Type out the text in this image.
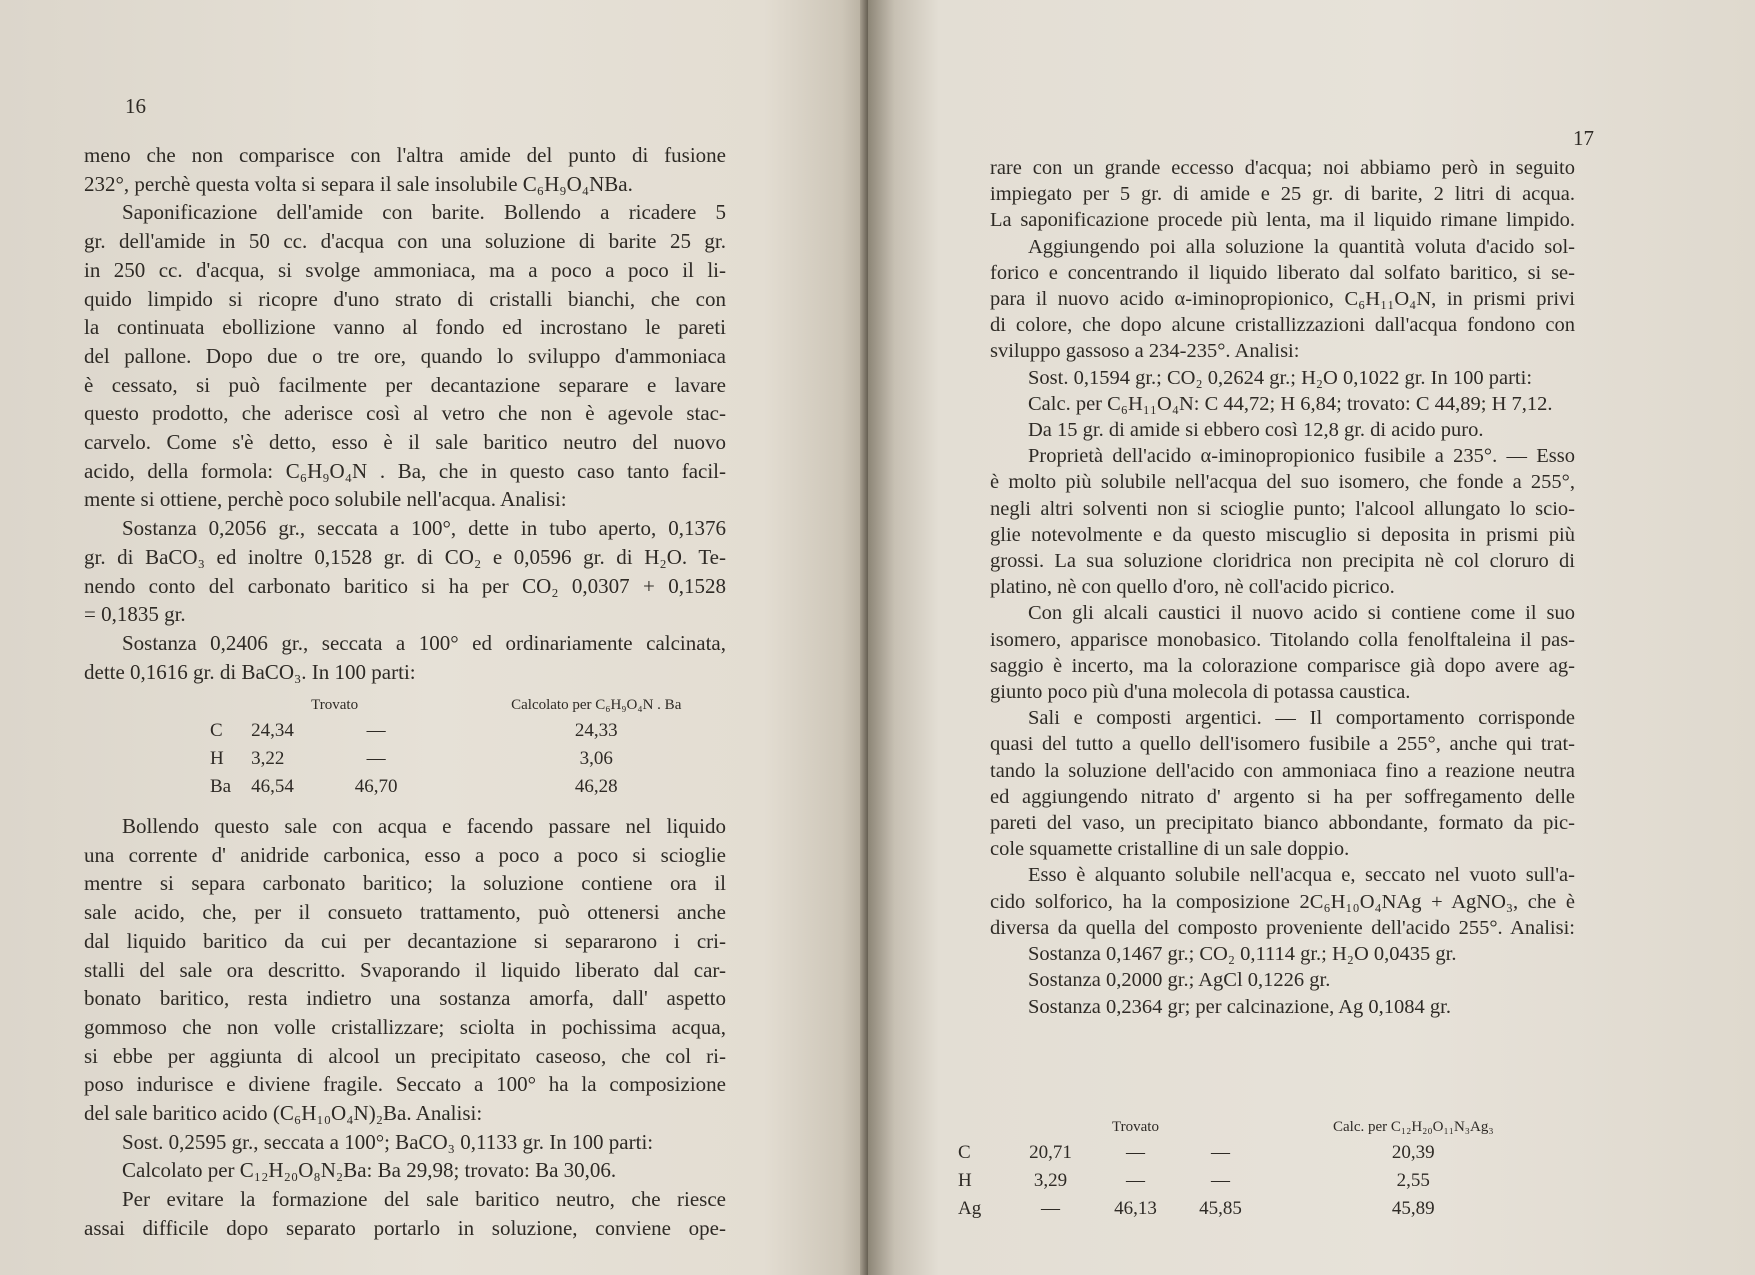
16
meno che non comparisce con l'altra amide del punto di fusione
232°, perchè questa volta si separa il sale insolubile C₆H₉O₄NBa.
Saponificazione dell'amide con barite. Bollendo a ricadere 5
gr. dell'amide in 50 cc. d'acqua con una soluzione di barite 25 gr.
in 250 cc. d'acqua, si svolge ammoniaca, ma a poco a poco il li-
quido limpido si ricopre d'uno strato di cristalli bianchi, che con
la continuata ebollizione vanno al fondo ed incrostano le pareti
del pallone. Dopo due o tre ore, quando lo sviluppo d'ammoniaca
è cessato, si può facilmente per decantazione separare e lavare
questo prodotto, che aderisce così al vetro che non è agevole stac-
carvelo. Come s'è detto, esso è il sale baritico neutro del nuovo
acido, della formola: C₆H₉O₄N . Ba, che in questo caso tanto facil-
mente si ottiene, perchè poco solubile nell'acqua. Analisi:
Sostanza 0,2056 gr., seccata a 100°, dette in tubo aperto, 0,1376
gr. di BaCO₃ ed inoltre 0,1528 gr. di CO₂ e 0,0596 gr. di H₂O. Te-
nendo conto del carbonato baritico si ha per CO₂ 0,0307 + 0,1528
= 0,1835 gr.
Sostanza 0,2406 gr., seccata a 100° ed ordinariamente calcinata,
dette 0,1616 gr. di BaCO₃. In 100 parti:
	Trovato		Calcolato per C₆H₉O₄N . Ba
C	24,34	—	24,33
H	3,22	—	3,06
Ba	46,54	46,70	46,28
Bollendo questo sale con acqua e facendo passare nel liquido
una corrente d' anidride carbonica, esso a poco a poco si scioglie
mentre si separa carbonato baritico; la soluzione contiene ora il
sale acido, che, per il consueto trattamento, può ottenersi anche
dal liquido baritico da cui per decantazione si separarono i cri-
stalli del sale ora descritto. Svaporando il liquido liberato dal car-
bonato baritico, resta indietro una sostanza amorfa, dall' aspetto
gommoso che non volle cristallizzare; sciolta in pochissima acqua,
si ebbe per aggiunta di alcool un precipitato caseoso, che col ri-
poso indurisce e diviene fragile. Seccato a 100° ha la composizione
del sale baritico acido (C₆H₁₀O₄N)₂Ba. Analisi:
Sost. 0,2595 gr., seccata a 100°; BaCO₃ 0,1133 gr. In 100 parti:
Calcolato per C₁₂H₂₀O₈N₂Ba: Ba 29,98; trovato: Ba 30,06.
Per evitare la formazione del sale baritico neutro, che riesce
assai difficile dopo separato portarlo in soluzione, conviene ope-
17
rare con un grande eccesso d'acqua; noi abbiamo però in seguito
impiegato per 5 gr. di amide e 25 gr. di barite, 2 litri di acqua.
La saponificazione procede più lenta, ma il liquido rimane limpido.
Aggiungendo poi alla soluzione la quantità voluta d'acido sol-
forico e concentrando il liquido liberato dal solfato baritico, si se-
para il nuovo acido α-iminopropionico, C₆H₁₁O₄N, in prismi privi
di colore, che dopo alcune cristallizzazioni dall'acqua fondono con
sviluppo gassoso a 234-235°. Analisi:
Sost. 0,1594 gr.; CO₂ 0,2624 gr.; H₂O 0,1022 gr. In 100 parti:
Calc. per C₆H₁₁O₄N: C 44,72; H 6,84; trovato: C 44,89; H 7,12.
Da 15 gr. di amide si ebbero così 12,8 gr. di acido puro.
Proprietà dell'acido α-iminopropionico fusibile a 235°. — Esso
è molto più solubile nell'acqua del suo isomero, che fonde a 255°,
negli altri solventi non si scioglie punto; l'alcool allungato lo scio-
glie notevolmente e da questo miscuglio si deposita in prismi più
grossi. La sua soluzione cloridrica non precipita nè col cloruro di
platino, nè con quello d'oro, nè coll'acido picrico.
Con gli alcali caustici il nuovo acido si contiene come il suo
isomero, apparisce monobasico. Titolando colla fenolftaleina il pas-
saggio è incerto, ma la colorazione comparisce già dopo avere ag-
giunto poco più d'una molecola di potassa caustica.
Sali e composti argentici. — Il comportamento corrisponde
quasi del tutto a quello dell'isomero fusibile a 255°, anche qui trat-
tando la soluzione dell'acido con ammoniaca fino a reazione neutra
ed aggiungendo nitrato d' argento si ha per soffregamento delle
pareti del vaso, un precipitato bianco abbondante, formato da pic-
cole squamette cristalline di un sale doppio.
Esso è alquanto solubile nell'acqua e, seccato nel vuoto sull'a-
cido solforico, ha la composizione 2C₆H₁₀O₄NAg + AgNO₃, che è
diversa da quella del composto proveniente dell'acido 255°. Analisi:
Sostanza 0,1467 gr.; CO₂ 0,1114 gr.; H₂O 0,0435 gr.
Sostanza 0,2000 gr.; AgCl 0,1226 gr.
Sostanza 0,2364 gr; per calcinazione, Ag 0,1084 gr.
	Trovato			Calc. per C₁₂H₂₀O₁₁N₃Ag₃
C	20,71	—	—	20,39
H	3,29	—	—	2,55
Ag	—	46,13	45,85	45,89
